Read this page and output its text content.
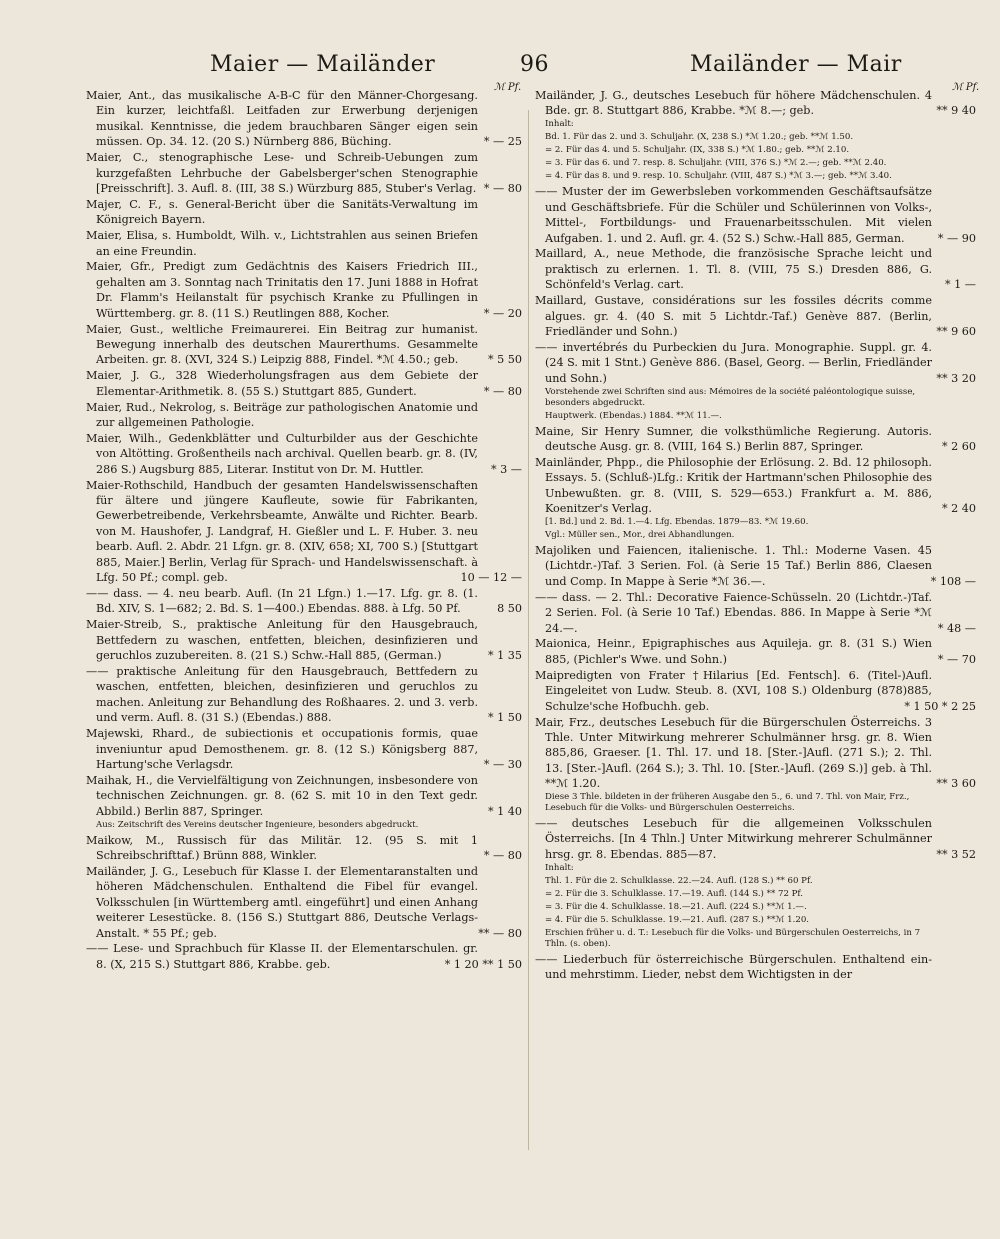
Maier — Mailänder	96	Mailänder — Mair
ℳ Pf.	ℳ Pf.
Maier, Ant., das musikalische A-B-C für den Männer-Chorgesang. Ein kurzer, leichtfaßl. Leitfaden zur Erwerbung derjenigen musikal. Kenntnisse, die jedem brauchbaren Sänger eigen sein müssen. Op. 34. 12. (20 S.) Nürnberg 886, Büching.	* — 25
Maier, C., stenographische Lese- und Schreib-Uebungen zum kurzgefaßten Lehrbuche der Gabelsberger'schen Stenographie [Preisschrift]. 3. Aufl. 8. (III, 38 S.) Würzburg 885, Stuber's Verlag. * — 80
Majer, C. F., s. General-Bericht über die Sanitäts-Verwaltung im Königreich Bayern.
Maier, Elisa, s. Humboldt, Wilh. v., Lichtstrahlen aus seinen Briefen an eine Freundin.
Maier, Gfr., Predigt zum Gedächtnis des Kaisers Friedrich III., gehalten am 3. Sonntag nach Trinitatis den 17. Juni 1888 in Hofrat Dr. Flamm's Heilanstalt für psychisch Kranke zu Pfullingen in Württemberg. gr. 8. (11 S.) Reutlingen 888, Kocher.	* — 20
Maier, Gust., weltliche Freimaurerei. Ein Beitrag zur humanist. Bewegung innerhalb des deutschen Maurerthums. Gesammelte Arbeiten. gr. 8. (XVI, 324 S.) Leipzig 888, Findel. *ℳ 4.50.; geb.	* 5 50
Maier, J. G., 328 Wiederholungsfragen aus dem Gebiete der Elementar-Arithmetik. 8. (55 S.) Stuttgart 885, Gundert.	* — 80
Maier, Rud., Nekrolog, s. Beiträge zur pathologischen Anatomie und zur allgemeinen Pathologie.
Maier, Wilh., Gedenkblätter und Culturbilder aus der Geschichte von Altötting. Großentheils nach archival. Quellen bearb. gr. 8. (IV, 286 S.) Augsburg 885, Literar. Institut von Dr. M. Huttler.	* 3 —
Maier-Rothschild, Handbuch der gesamten Handelswissenschaften für ältere und jüngere Kaufleute, sowie für Fabrikanten, Gewerbetreibende, Verkehrsbeamte, Anwälte und Richter. Bearb. von M. Haushofer, J. Landgraf, H. Gießler und L. F. Huber. 3. neu bearb. Aufl. 2. Abdr. 21 Lfgn. gr. 8. (XIV, 658; XI, 700 S.) [Stuttgart 885, Maier.] Berlin, Verlag für Sprach- und Handelswissenschaft. à Lfg. 50 Pf.; compl. geb.	10 — 12 —
—— dass. — 4. neu bearb. Aufl. (In 21 Lfgn.) 1.—17. Lfg. gr. 8. (1. Bd. XIV, S. 1—682; 2. Bd. S. 1—400.) Ebendas. 888. à Lfg. 50 Pf.	8 50
Maier-Streib, S., praktische Anleitung für den Hausgebrauch, Bettfedern zu waschen, entfetten, bleichen, desinfizieren und geruchlos zuzubereiten. 8. (21 S.) Schw.-Hall 885, (German.)	* 1 35
—— praktische Anleitung für den Hausgebrauch, Bettfedern zu waschen, entfetten, bleichen, desinfizieren und geruchlos zu machen. Anleitung zur Behandlung des Roßhaares. 2. und 3. verb. und verm. Aufl. 8. (31 S.) (Ebendas.) 888.	* 1 50
Majewski, Rhard., de subiectionis et occupationis formis, quae inveniuntur apud Demosthenem. gr. 8. (12 S.) Königsberg 887, Hartung'sche Verlagsdr.	* — 30
Maihak, H., die Vervielfältigung von Zeichnungen, insbesondere von technischen Zeichnungen. gr. 8. (62 S. mit 10 in den Text gedr. Abbild.) Berlin 887, Springer.	* 1 40
Aus: Zeitschrift des Vereins deutscher Ingenieure, besonders abgedruckt.
Maikow, M., Russisch für das Militär. 12. (95 S. mit 1 Schreibschrifttaf.) Brünn 888, Winkler.	* — 80
Mailänder, J. G., Lesebuch für Klasse I. der Elementaranstalten und höheren Mädchenschulen. Enthaltend die Fibel für evangel. Volksschulen [in Württemberg amtl. eingeführt] und einen Anhang weiterer Lesestücke. 8. (156 S.) Stuttgart 886, Deutsche Verlags-Anstalt. * 55 Pf.; geb.	** — 80
—— Lese- und Sprachbuch für Klasse II. der Elementarschulen. gr. 8. (X, 215 S.) Stuttgart 886, Krabbe. geb.	* 1 20 ** 1 50
Mailänder, J. G., deutsches Lesebuch für höhere Mädchenschulen. 4 Bde. gr. 8. Stuttgart 886, Krabbe. *ℳ 8.—; geb.	** 9 40
Inhalt:
Bd. 1. Für das 2. und 3. Schuljahr. (X, 238 S.) *ℳ 1.20.; geb. **ℳ 1.50.
= 2. Für das 4. und 5. Schuljahr. (IX, 338 S.) *ℳ 1.80.; geb. **ℳ 2.10.
= 3. Für das 6. und 7. resp. 8. Schuljahr. (VIII, 376 S.) *ℳ 2.—; geb. **ℳ 2.40.
= 4. Für das 8. und 9. resp. 10. Schuljahr. (VIII, 487 S.) *ℳ 3.—; geb. **ℳ 3.40.
—— Muster der im Gewerbsleben vorkommenden Geschäftsaufsätze und Geschäftsbriefe. Für die Schüler und Schülerinnen von Volks-, Mittel-, Fortbildungs- und Frauenarbeitsschulen. Mit vielen Aufgaben. 1. und 2. Aufl. gr. 4. (52 S.) Schw.-Hall 885, German.	* — 90
Maillard, A., neue Methode, die französische Sprache leicht und praktisch zu erlernen. 1. Tl. 8. (VIII, 75 S.) Dresden 886, G. Schönfeld's Verlag. cart.	* 1 —
Maillard, Gustave, considérations sur les fossiles décrits comme algues. gr. 4. (40 S. mit 5 Lichtdr.-Taf.) Genève 887. (Berlin, Friedländer und Sohn.)	** 9 60
—— invertébrés du Purbeckien du Jura. Monographie. Suppl. gr. 4. (24 S. mit 1 Stnt.) Genève 886. (Basel, Georg. — Berlin, Friedländer und Sohn.)	** 3 20
Vorstehende zwei Schriften sind aus: Mémoires de la société paléontologique suisse, besonders abgedruckt.
Hauptwerk. (Ebendas.) 1884. **ℳ 11.—.
Maine, Sir Henry Sumner, die volksthümliche Regierung. Autoris. deutsche Ausg. gr. 8. (VIII, 164 S.) Berlin 887, Springer.	* 2 60
Mainländer, Phpp., die Philosophie der Erlösung. 2. Bd. 12 philosoph. Essays. 5. (Schluß-)Lfg.: Kritik der Hartmann'schen Philosophie des Unbewußten. gr. 8. (VIII, S. 529—653.) Frankfurt a. M. 886, Koenitzer's Verlag.	* 2 40
[1. Bd.] und 2. Bd. 1.—4. Lfg. Ebendas. 1879—83. *ℳ 19.60.
Vgl.: Müller sen., Mor., drei Abhandlungen.
Majoliken und Faiencen, italienische. 1. Thl.: Moderne Vasen. 45 (Lichtdr.-)Taf. 3 Serien. Fol. (à Serie 15 Taf.) Berlin 886, Claesen und Comp. In Mappe à Serie *ℳ 36.—.	* 108 —
—— dass. — 2. Thl.: Decorative Faience-Schüsseln. 20 (Lichtdr.-)Taf. 2 Serien. Fol. (à Serie 10 Taf.) Ebendas. 886. In Mappe à Serie *ℳ 24.—.	* 48 —
Maionica, Heinr., Epigraphisches aus Aquileja. gr. 8. (31 S.) Wien 885, (Pichler's Wwe. und Sohn.)	* — 70
Maipredigten von Frater †Hilarius [Ed. Fentsch]. 6. (Titel-)Aufl. Eingeleitet von Ludw. Steub. 8. (XVI, 108 S.) Oldenburg (878)885, Schulze'sche Hofbuchh. geb.	* 1 50 * 2 25
Mair, Frz., deutsches Lesebuch für die Bürgerschulen Österreichs. 3 Thle. Unter Mitwirkung mehrerer Schulmänner hrsg. gr. 8. Wien 885,86, Graeser. [1. Thl. 17. und 18. [Ster.-]Aufl. (271 S.); 2. Thl. 13. [Ster.-]Aufl. (264 S.); 3. Thl. 10. [Ster.-]Aufl. (269 S.)] geb. à Thl. **ℳ 1.20.	** 3 60
Diese 3 Thle. bildeten in der früheren Ausgabe den 5., 6. und 7. Thl. von Mair, Frz., Lesebuch für die Volks- und Bürgerschulen Oesterreichs.
—— deutsches Lesebuch für die allgemeinen Volksschulen Österreichs. [In 4 Thln.] Unter Mitwirkung mehrerer Schulmänner hrsg. gr. 8. Ebendas. 885—87.	** 3 52
Inhalt:
Thl. 1. Für die 2. Schulklasse. 22.—24. Aufl. (128 S.) ** 60 Pf.
= 2. Für die 3. Schulklasse. 17.—19. Aufl. (144 S.) ** 72 Pf.
= 3. Für die 4. Schulklasse. 18.—21. Aufl. (224 S.) **ℳ 1.—.
= 4. Für die 5. Schulklasse. 19.—21. Aufl. (287 S.) **ℳ 1.20.
Erschien früher u. d. T.: Lesebuch für die Volks- und Bürgerschulen Oesterreichs, in 7 Thln. (s. oben).
—— Liederbuch für österreichische Bürgerschulen. Enthaltend ein- und mehrstimm. Lieder, nebst dem Wichtigsten in der
